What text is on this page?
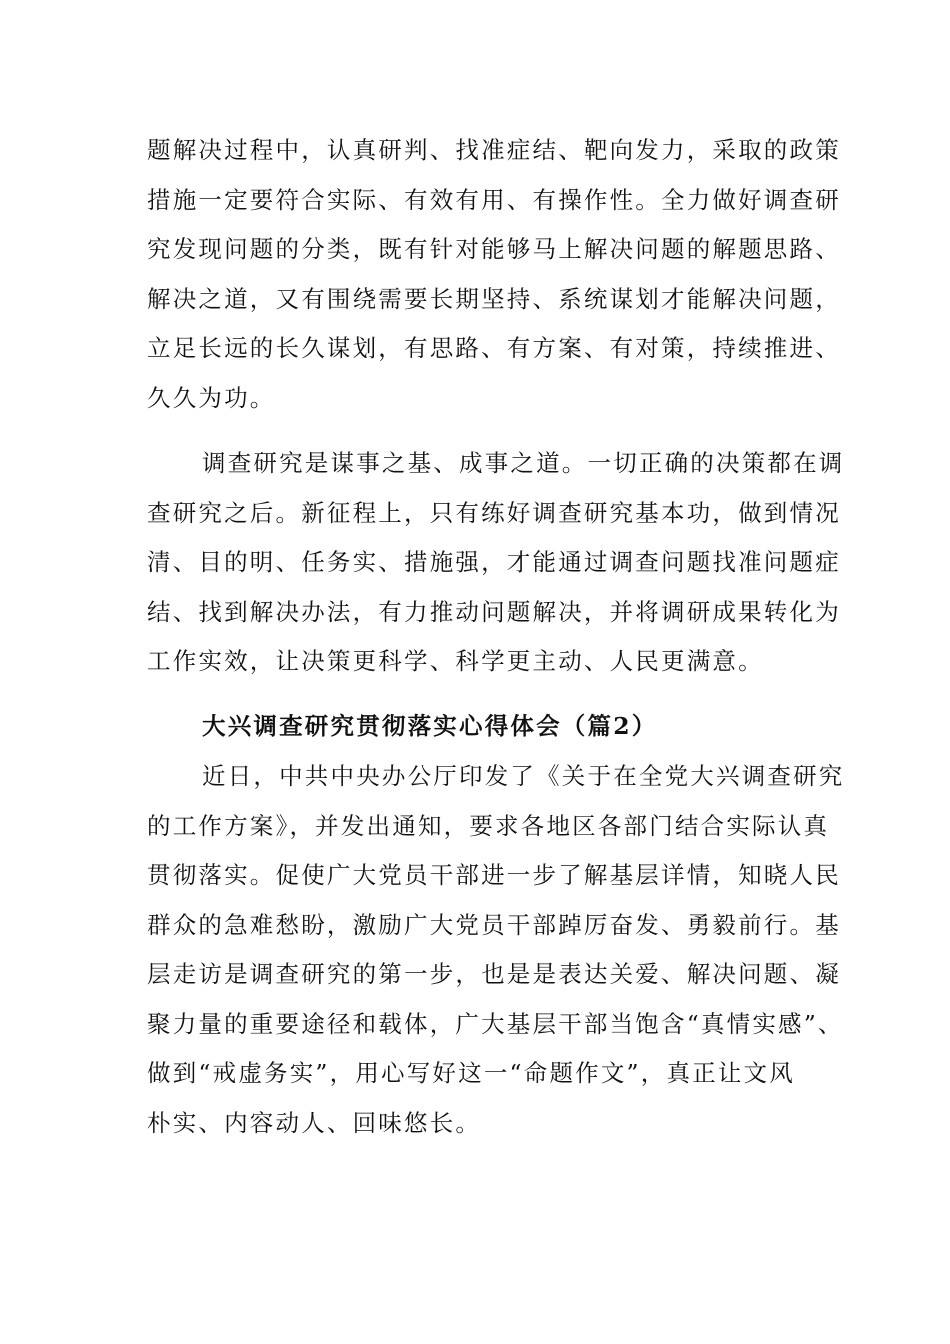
题解决过程中，认真研判、找准症结、靶向发力，采取的政策
措施一定要符合实际、有效有用、有操作性。全力做好调查研
究发现问题的分类，既有针对能够马上解决问题的解题思路、
解决之道，又有围绕需要长期坚持、系统谋划才能解决问题，
立足长远的长久谋划，有思路、有方案、有对策，持续推进、
久久为功。
调查研究是谋事之基、成事之道。一切正确的决策都在调
查研究之后。新征程上，只有练好调查研究基本功，做到情况
清、目的明、任务实、措施强，才能通过调查问题找准问题症
结、找到解决办法，有力推动问题解决，并将调研成果转化为
工作实效，让决策更科学、科学更主动、人民更满意。
大兴调查研究贯彻落实心得体会（篇2）
近日，中共中央办公厅印发了《关于在全党大兴调查研究
的工作方案》，并发出通知，要求各地区各部门结合实际认真
贯彻落实。促使广大党员干部进一步了解基层详情，知晓人民
群众的急难愁盼，激励广大党员干部踔厉奋发、勇毅前行。基
层走访是调查研究的第一步，也是是表达关爱、解决问题、凝
聚力量的重要途径和载体，广大基层干部当饱含“真情实感”、
做到“戒虚务实”，用心写好这一“命题作文”，真正让文风
朴实、内容动人、回味悠长。
